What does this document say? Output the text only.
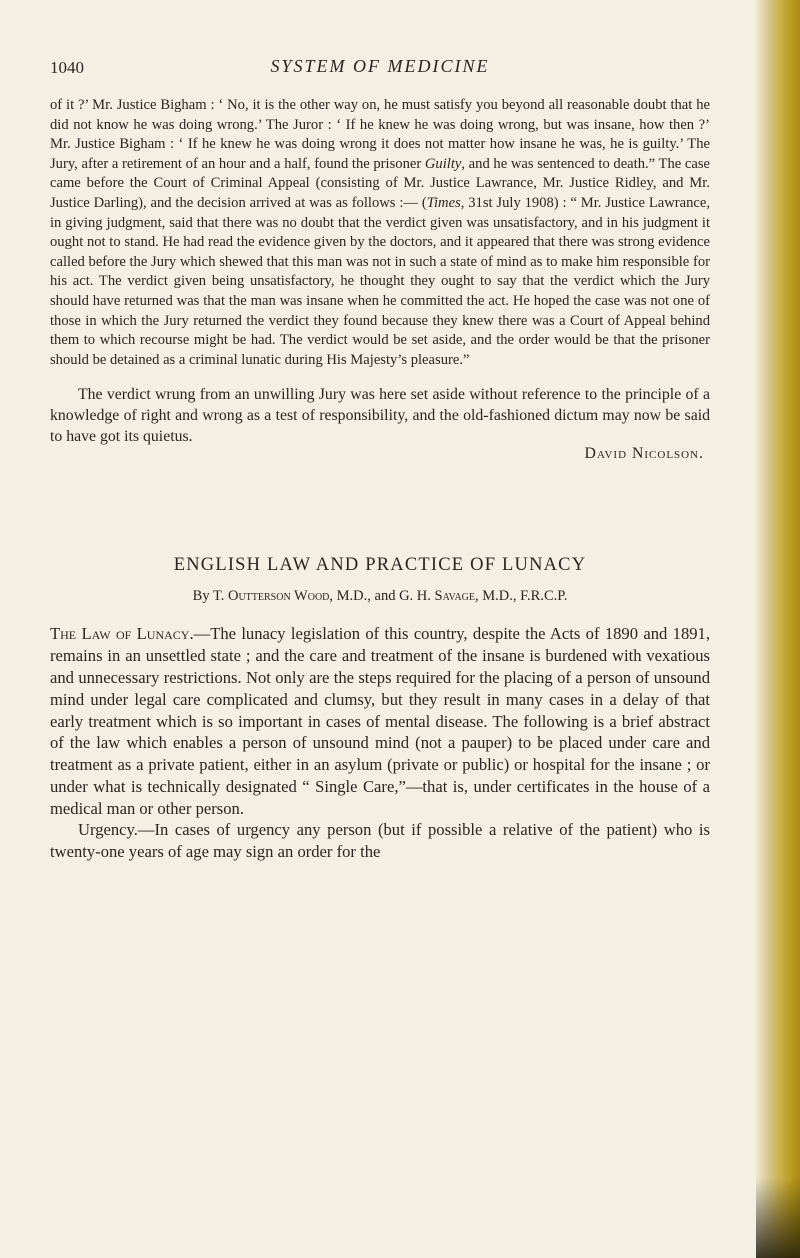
1040	SYSTEM OF MEDICINE

of it ?’ Mr. Justice Bigham : ‘ No, it is the other way on, he must satisfy you beyond all reasonable doubt that he did not know he was doing wrong.’ The Juror : ‘ If he knew he was doing wrong, but was insane, how then ?’ Mr. Justice Bigham : ‘ If he knew he was doing wrong it does not matter how insane he was, he is guilty.’ The Jury, after a retirement of an hour and a half, found the prisoner Guilty, and he was sentenced to death.” The case came before the Court of Criminal Appeal (consisting of Mr. Justice Lawrance, Mr. Justice Ridley, and Mr. Justice Darling), and the decision arrived at was as follows :— (Times, 31st July 1908) : “ Mr. Justice Lawrance, in giving judgment, said that there was no doubt that the verdict given was unsatisfactory, and in his judgment it ought not to stand. He had read the evidence given by the doctors, and it appeared that there was strong evidence called before the Jury which shewed that this man was not in such a state of mind as to make him responsible for his act. The verdict given being unsatisfactory, he thought they ought to say that the verdict which the Jury should have returned was that the man was insane when he committed the act. He hoped the case was not one of those in which the Jury returned the verdict they found because they knew there was a Court of Appeal behind them to which recourse might be had. The verdict would be set aside, and the order would be that the prisoner should be detained as a criminal lunatic during His Majesty’s pleasure.”

The verdict wrung from an unwilling Jury was here set aside without reference to the principle of a knowledge of right and wrong as a test of responsibility, and the old-fashioned dictum may now be said to have got its quietus.

David Nicolson.
ENGLISH LAW AND PRACTICE OF LUNACY
By T. Outterson Wood, M.D., and G. H. Savage, M.D., F.R.C.P.

The Law of Lunacy.—The lunacy legislation of this country, despite the Acts of 1890 and 1891, remains in an unsettled state ; and the care and treatment of the insane is burdened with vexatious and unnecessary restrictions. Not only are the steps required for the placing of a person of unsound mind under legal care complicated and clumsy, but they result in many cases in a delay of that early treatment which is so important in cases of mental disease. The following is a brief abstract of the law which enables a person of unsound mind (not a pauper) to be placed under care and treatment as a private patient, either in an asylum (private or public) or hospital for the insane ; or under what is technically designated “ Single Care,”—that is, under certificates in the house of a medical man or other person.

Urgency.—In cases of urgency any person (but if possible a relative of the patient) who is twenty-one years of age may sign an order for the
